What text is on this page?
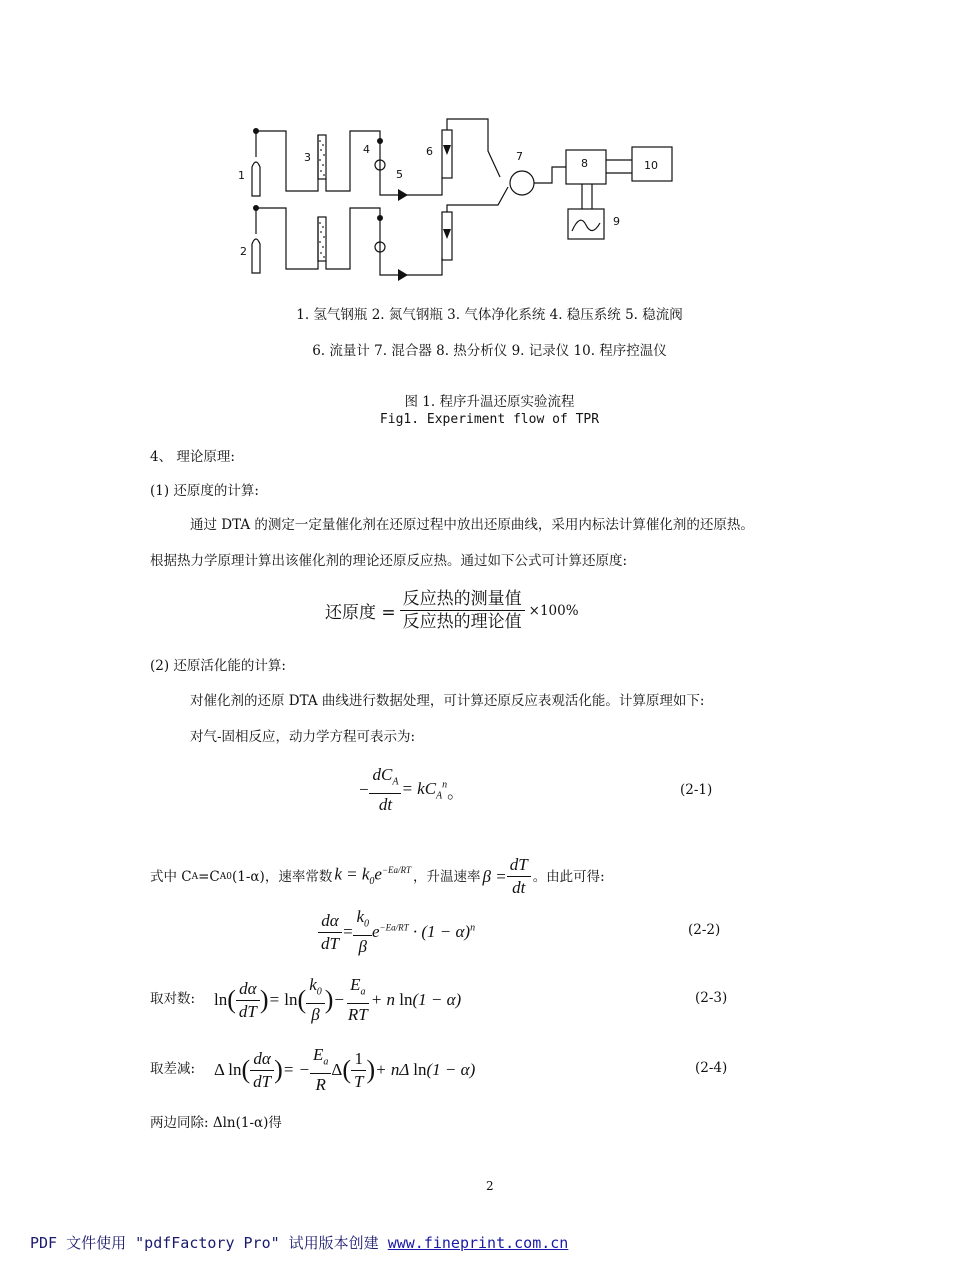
1
2
3
4
5
6	7
8
9
10
1. 氢气钢瓶 2. 氮气钢瓶 3. 气体净化系统 4. 稳压系统 5. 稳流阀
6. 流量计 7. 混合器 8. 热分析仪 9. 记录仪 10. 程序控温仪
图 1. 程序升温还原实验流程
Fig1. Experiment flow of TPR
4、 理论原理:
(1) 还原度的计算:
通过 DTA 的测定一定量催化剂在还原过程中放出还原曲线，采用内标法计算催化剂的还原热。
根据热力学原理计算出该催化剂的理论还原反应热。通过如下公式可计算还原度:
还原度 = $\frac{\text{反应热的测量值}}{\text{反应热的理论值}} \times 100\%$
(2) 还原活化能的计算:
对催化剂的还原 DTA 曲线进行数据处理，可计算还原反应表观活化能。计算原理如下:
对气-固相反应，动力学方程可表示为:
− $\frac{dC_A}{dt} = kC_A^n$ 。	(2-1)
式中 C A =C A0 (1-α)，速率常数 $k = k_0e^{-Ea/RT}$ ，升温速率 $\beta = \frac{dT}{dt}$ 。由此可得:
$\frac{d\alpha}{dT} = \frac{k_0}{\beta} e^{-Ea/RT} \cdot (1 - \alpha)^n$	(2-2)
取对数: ln ( $\frac{d\alpha}{dT}$ ) = ln ( $\frac{k_0}{\beta}$ ) − $\frac{E_a}{RT} + n$ ln(1 − α)	(2-3)
取差减: Δ ln ( $\frac{d\alpha}{dT}$ ) = − $\frac{E_a}{R}$ Δ ( $\frac{1}{T}$ ) + nΔ ln(1 − α)	(2-4)
两边同除: Δln(1-α)得
2
PDF 文件使用 "pdfFactory Pro" 试用版本创建 www.fineprint.com.cn
